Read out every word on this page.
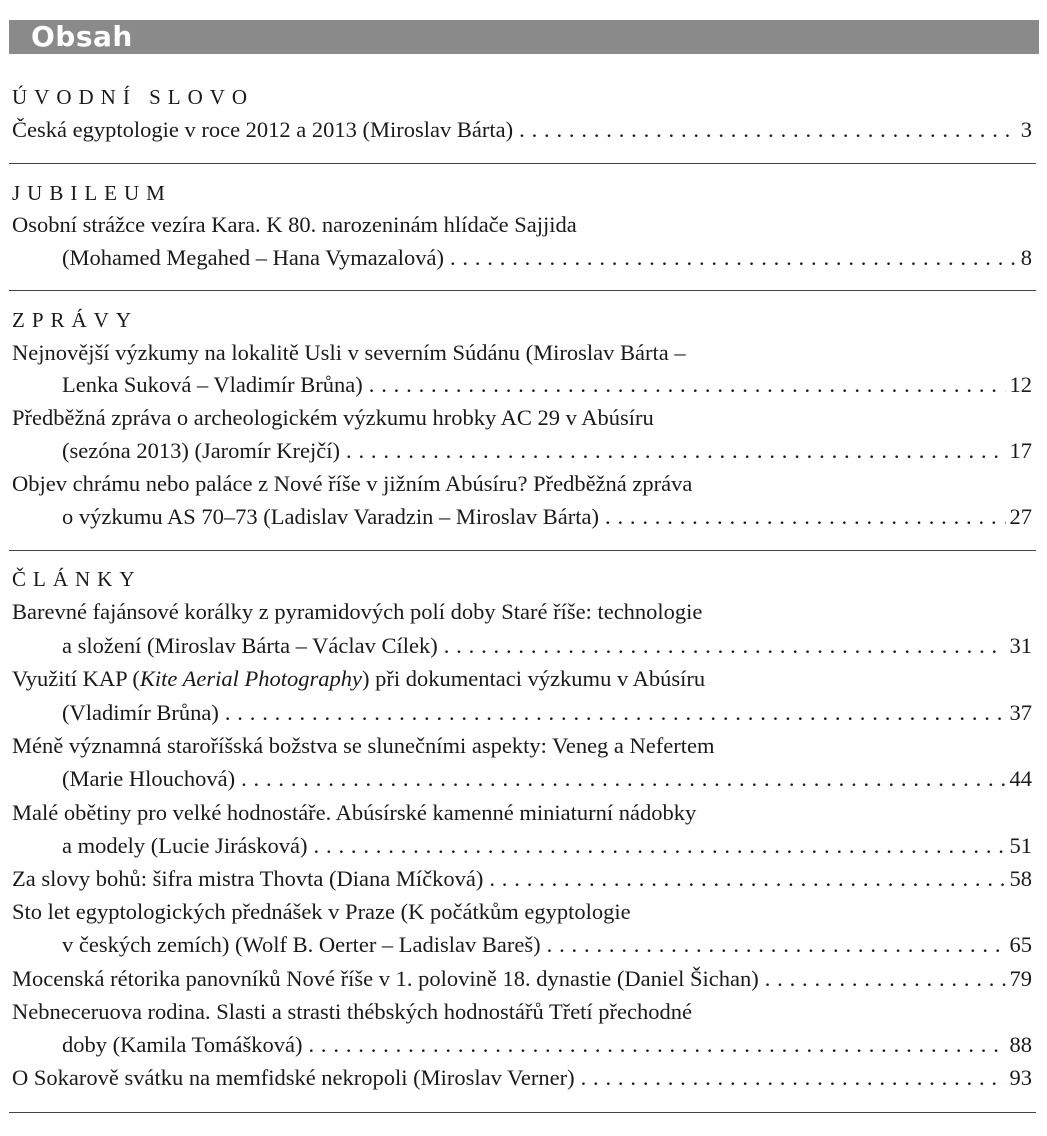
Obsah
ÚVODNÍ SLOVO
Česká egyptologie v roce 2012 a 2013 (Miroslav Bárta) . . .	3
JUBILEUM
Osobní strážce vezíra Kara. K 80. narozeninám hlídače Sajjida
(Mohamed Megahed – Hana Vymazalová) . . .	8
ZPRÁVY
Nejnovější výzkumy na lokalitě Usli v severním Súdánu (Miroslav Bárta –
Lenka Suková – Vladimír Brůna) . . .	12
Předběžná zpráva o archeologickém výzkumu hrobky AC 29 v Abúsíru
(sezóna 2013) (Jaromír Krejčí) . . .	17
Objev chrámu nebo paláce z Nové říše v jižním Abúsíru? Předběžná zpráva
o výzkumu AS 70–73 (Ladislav Varadzin – Miroslav Bárta) . . .	27
ČLÁNKY
Barevné fajánsové korálky z pyramidových polí doby Staré říše: technologie
a složení (Miroslav Bárta – Václav Cílek) . . .	31
Využití KAP (Kite Aerial Photography) při dokumentaci výzkumu v Abúsíru
(Vladimír Brůna) . . .	37
Méně významná staroříšská božstva se slunečními aspekty: Veneg a Nefertem
(Marie Hlouchová) . . .	44
Malé obětiny pro velké hodnostáře. Abúsírské kamenné miniaturní nádobky
a modely (Lucie Jirásková) . . .	51
Za slovy bohů: šifra mistra Thovta (Diana Míčková) . . .	58
Sto let egyptologických přednášek v Praze (K počátkům egyptologie
v českých zemích) (Wolf B. Oerter – Ladislav Bareš) . . .	65
Mocenská rétorika panovníků Nové říše v 1. polovině 18. dynastie (Daniel Šichan) . . .	79
Nebneceruova rodina. Slasti a strasti thébských hodnostářů Třetí přechodné
doby (Kamila Tomášková) . . .	88
O Sokarově svátku na memfidské nekropoli (Miroslav Verner) . . .	93
